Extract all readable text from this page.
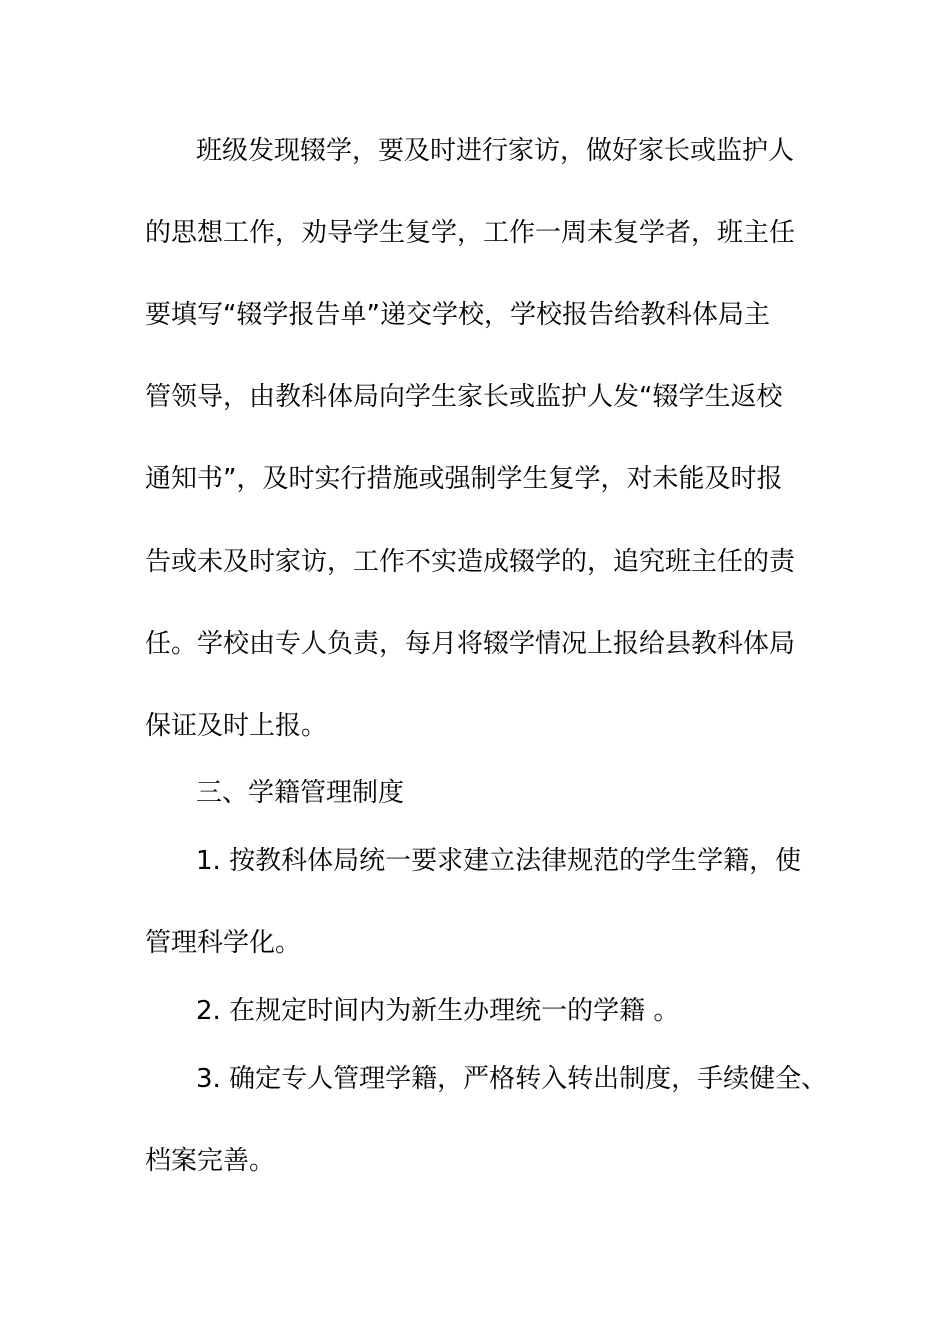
班级发现辍学，要及时进行家访，做好家长或监护人
的思想工作，劝导学生复学，工作一周未复学者，班主任
要填写“辍学报告单”递交学校，学校报告给教科体局主
管领导，由教科体局向学生家长或监护人发“辍学生返校
通知书”，及时实行措施或强制学生复学，对未能及时报
告或未及时家访，工作不实造成辍学的，追究班主任的责
任。学校由专人负责，每月将辍学情况上报给县教科体局
保证及时上报。
三、学籍管理制度
1. 按教科体局统一要求建立法律规范的学生学籍，使
管理科学化。
2. 在规定时间内为新生办理统一的学籍 。
3. 确定专人管理学籍，严格转入转出制度，手续健全、
档案完善。
